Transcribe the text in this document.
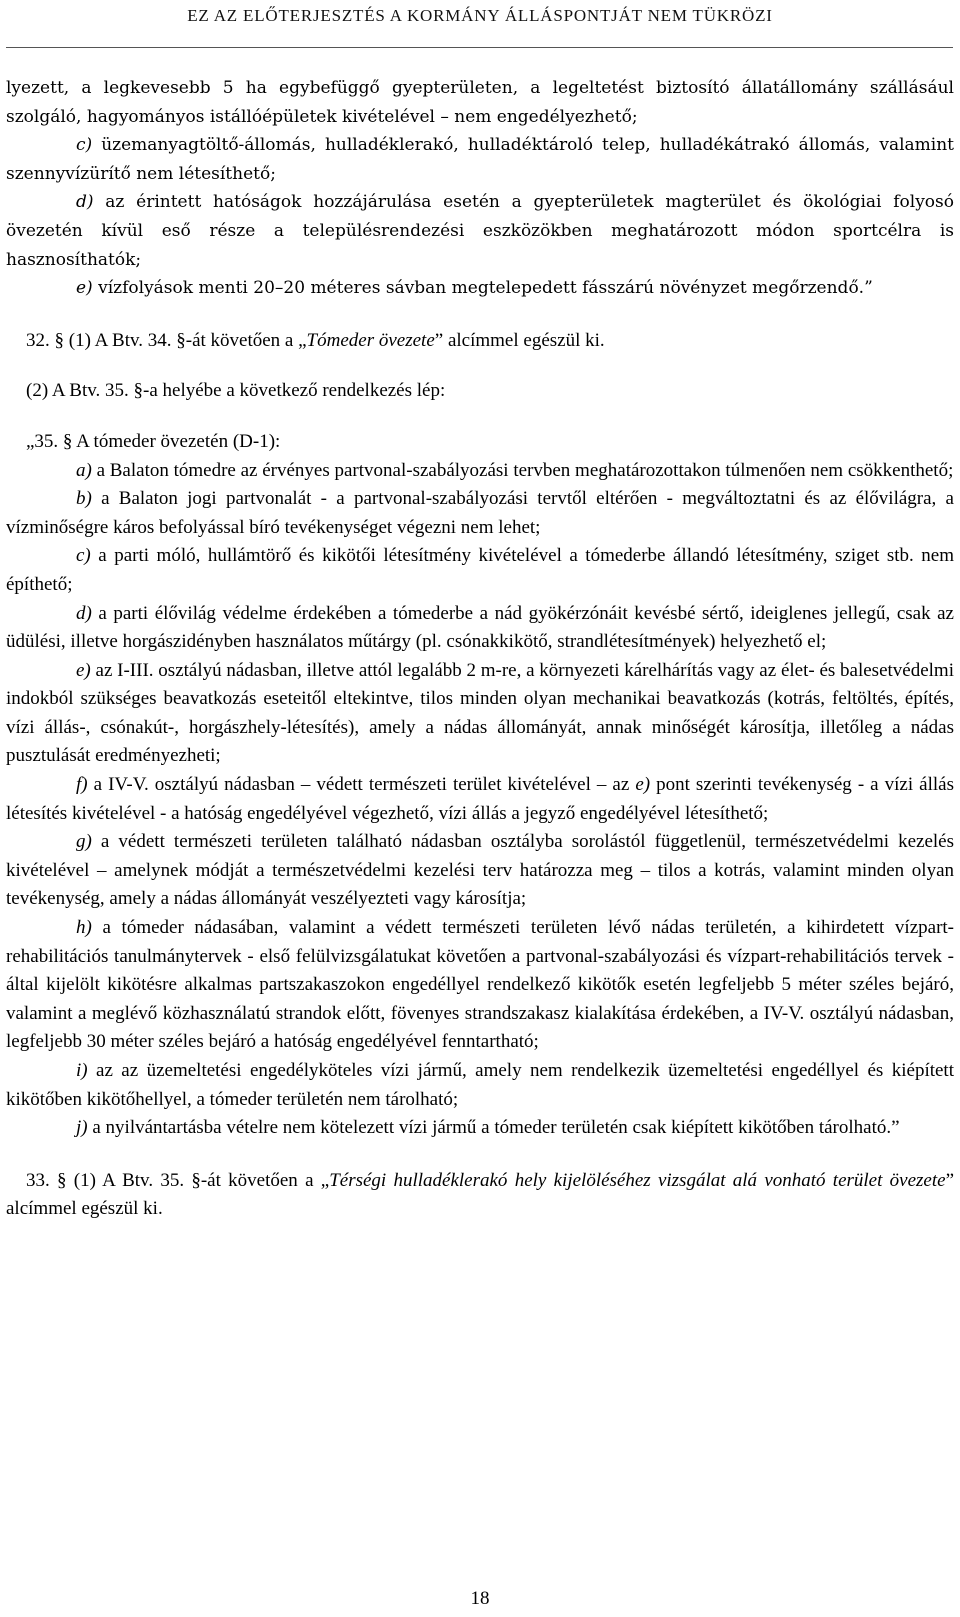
EZ AZ ELŐTERJESZTÉS A KORMÁNY ÁLLÁSPONTJÁT NEM TÜKRÖZI

lyezett, a legkevesebb 5 ha egybefüggő gyepterületen, a legeltetést biztosító állatállomány szállásául szolgáló, hagyományos istállóépületek kivételével – nem engedélyezhető;

c) üzemanyagtöltő-állomás, hulladéklerakó, hulladéktároló telep, hulladékátrakó állomás, valamint szennyvízürítő nem létesíthető;

d) az érintett hatóságok hozzájárulása esetén a gyepterületek magterület és ökológiai folyosó övezetén kívül eső része a településrendezési eszközökben meghatározott módon sportcélra is hasznosíthatók;

e) vízfolyások menti 20–20 méteres sávban megtelepedett fásszárú növényzet megőrzendő.”

32. § (1) A Btv. 34. §-át követően a „Tómeder övezete” alcímmel egészül ki.

(2) A Btv. 35. §-a helyébe a következő rendelkezés lép:

„35. § A tómeder övezetén (D-1):

a) a Balaton tómedre az érvényes partvonal-szabályozási tervben meghatározottakon túlmenően nem csökkenthető;

b) a Balaton jogi partvonalát - a partvonal-szabályozási tervtől eltérően - megváltoztatni és az élővilágra, a vízminőségre káros befolyással bíró tevékenységet végezni nem lehet;

c) a parti móló, hullámtörő és kikötői létesítmény kivételével a tómederbe állandó létesítmény, sziget stb. nem építhető;

d) a parti élővilág védelme érdekében a tómederbe a nád gyökérzónáit kevésbé sértő, ideiglenes jellegű, csak az üdülési, illetve horgászidényben használatos műtárgy (pl. csónakkikötő, strandlétesítmények) helyezhető el;

e) az I-III. osztályú nádasban, illetve attól legalább 2 m-re, a környezeti kárelhárítás vagy az élet- és balesetvédelmi indokból szükséges beavatkozás eseteitől eltekintve, tilos minden olyan mechanikai beavatkozás (kotrás, feltöltés, építés, vízi állás-, csónakút-, horgászhely-létesítés), amely a nádas állományát, annak minőségét károsítja, illetőleg a nádas pusztulását eredményezheti;

f) a IV-V. osztályú nádasban – védett természeti terület kivételével – az e) pont szerinti tevékenység - a vízi állás létesítés kivételével - a hatóság engedélyével végezhető, vízi állás a jegyző engedélyével létesíthető;

g) a védett természeti területen található nádasban osztályba sorolástól függetlenül, természetvédelmi kezelés kivételével – amelynek módját a természetvédelmi kezelési terv határozza meg – tilos a kotrás, valamint minden olyan tevékenység, amely a nádas állományát veszélyezteti vagy károsítja;

h) a tómeder nádasában, valamint a védett természeti területen lévő nádas területén, a kihirdetett vízpart-rehabilitációs tanulmánytervek - első felülvizsgálatukat követően a partvonal-szabályozási és vízpart-rehabilitációs tervek - által kijelölt kikötésre alkalmas partszakaszokon engedéllyel rendelkező kikötők esetén legfeljebb 5 méter széles bejáró, valamint a meglévő közhasználatú strandok előtt, fövenyes strandszakasz kialakítása érdekében, a IV-V. osztályú nádasban, legfeljebb 30 méter széles bejáró a hatóság engedélyével fenntartható;

i) az az üzemeltetési engedélyköteles vízi jármű, amely nem rendelkezik üzemeltetési engedéllyel és kiépített kikötőben kikötőhellyel, a tómeder területén nem tárolható;

j) a nyilvántartásba vételre nem kötelezett vízi jármű a tómeder területén csak kiépített kikötőben tárolható.”

33. § (1) A Btv. 35. §-át követően a „Térségi hulladéklerakó hely kijelöléséhez vizsgálat alá vonható terület övezete” alcímmel egészül ki.

18
